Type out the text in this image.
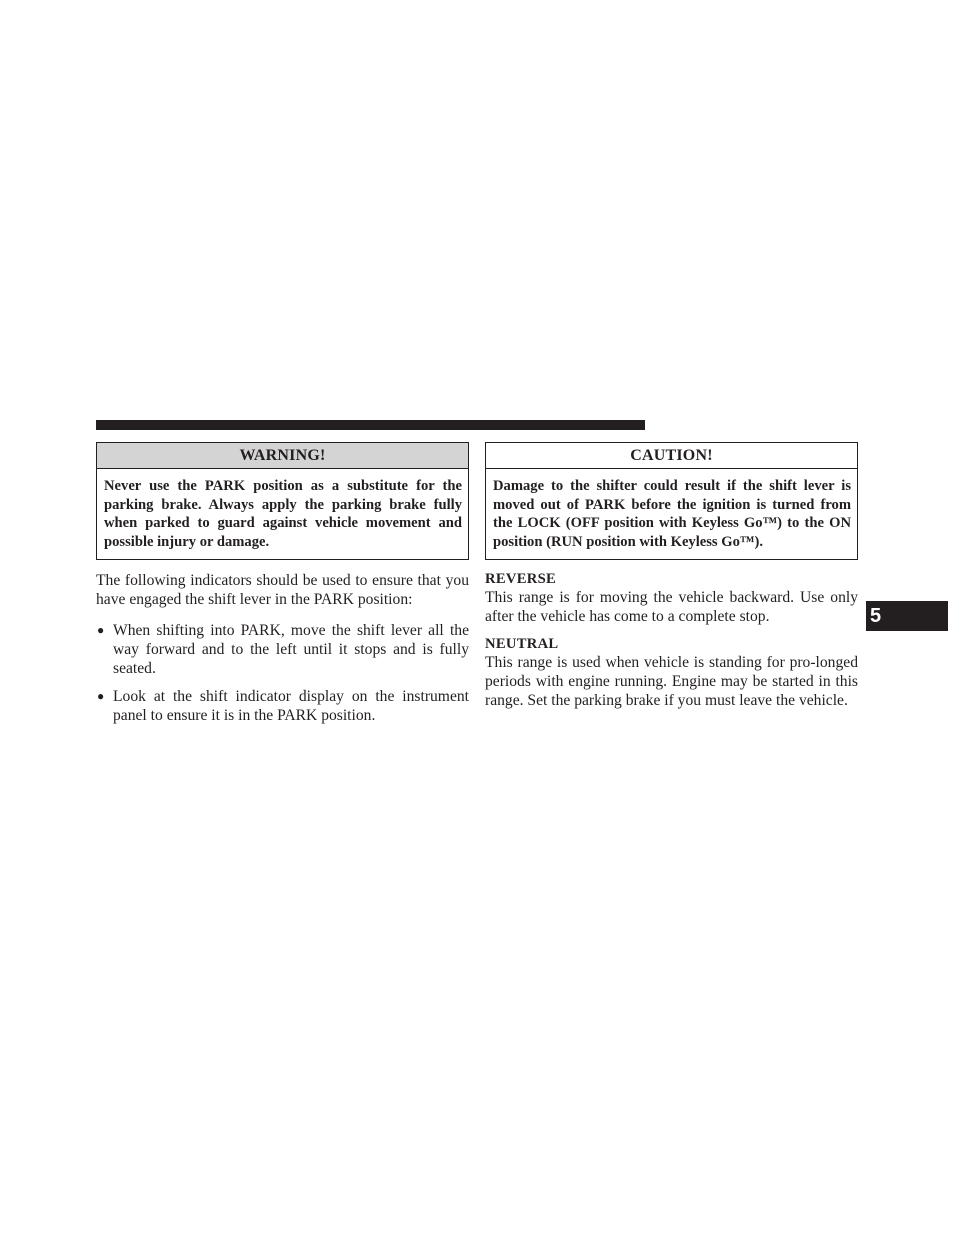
WARNING!
Never use the PARK position as a substitute for the parking brake. Always apply the parking brake fully when parked to guard against vehicle movement and possible injury or damage.

The following indicators should be used to ensure that you have engaged the shift lever in the PARK position:

● When shifting into PARK, move the shift lever all the way forward and to the left until it stops and is fully seated.
● Look at the shift indicator display on the instrument panel to ensure it is in the PARK position.
CAUTION!
Damage to the shifter could result if the shift lever is moved out of PARK before the ignition is turned from the LOCK (OFF position with Keyless Go™) to the ON position (RUN position with Keyless Go™).

REVERSE

This range is for moving the vehicle backward. Use only after the vehicle has come to a complete stop.

NEUTRAL

This range is used when vehicle is standing for pro-longed periods with engine running. Engine may be started in this range. Set the parking brake if you must leave the vehicle.

5
